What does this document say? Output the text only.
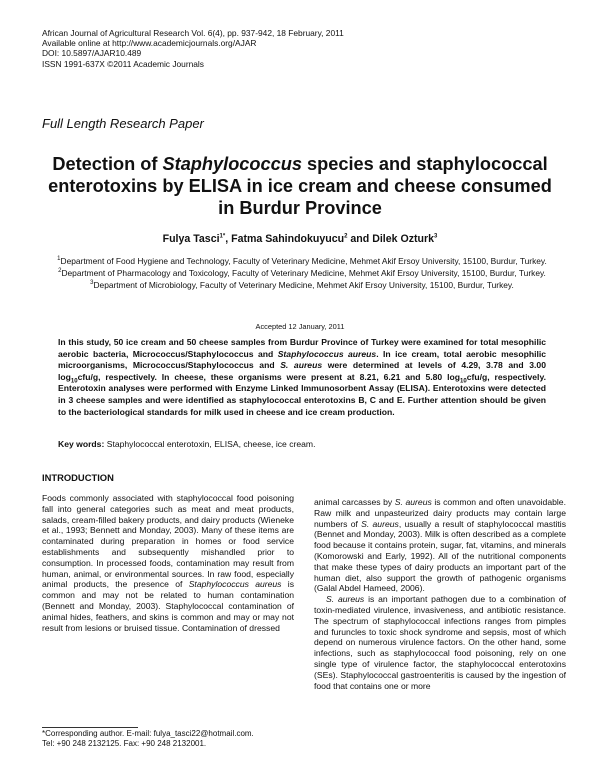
African Journal of Agricultural Research Vol. 6(4), pp. 937-942, 18 February, 2011
Available online at http://www.academicjournals.org/AJAR
DOI: 10.5897/AJAR10.489
ISSN 1991-637X ©2011 Academic Journals
Full Length Research Paper
Detection of Staphylococcus species and staphylococcal enterotoxins by ELISA in ice cream and cheese consumed in Burdur Province
Fulya Tasci$^{1*}$, Fatma Sahindokuyucu$^2$ and Dilek Ozturk$^3$

$^1$Department of Food Hygiene and Technology, Faculty of Veterinary Medicine, Mehmet Akif Ersoy University, 15100, Burdur, Turkey.

$^2$Department of Pharmacology and Toxicology, Faculty of Veterinary Medicine, Mehmet Akif Ersoy University, 15100, Burdur, Turkey.

$^3$Department of Microbiology, Faculty of Veterinary Medicine, Mehmet Akif Ersoy University, 15100, Burdur, Turkey.

Accepted 12 January, 2011
In this study, 50 ice cream and 50 cheese samples from Burdur Province of Turkey were examined for total mesophilic aerobic bacteria, Micrococcus/Staphylococcus and Staphylococcus aureus. In ice cream, total aerobic mesophilic microorganisms, Micrococcus/Staphylococcus and S. aureus were determined at levels of 4.29, 3.78 and 3.00 $\log_{10}cfu/g$, respectively. In cheese, these organisms were present at 8.21, 6.21 and 5.80 $\log_{10}cfu/g$, respectively. Enterotoxin analyses were performed with Enzyme Linked Immunosorbent Assay (ELISA). Enterotoxins were detected in 3 cheese samples and were identified as staphylococcal enterotoxins B, C and E. Further attention should be given to the bacteriological standards for milk used in cheese and ice cream production.
Key words: Staphylococcal enterotoxin, ELISA, cheese, ice cream.
INTRODUCTION

Foods commonly associated with staphylococcal food poisoning fall into general categories such as meat and meat products, salads, cream-filled bakery products, and dairy products (Wieneke et al., 1993; Bennett and Monday, 2003). Many of these items are contaminated during preparation in homes or food service establishments and subsequently mishandled prior to consumption. In processed foods, contamination may result from human, animal, or environmental sources. In raw food, especially animal products, the presence of Staphylococcus aureus is common and may not be related to human contamination (Bennett and Monday, 2003). Staphylococcal contamination of animal hides, feathers, and skins is common and may or may not result from lesions or bruised tissue. Contamination of dressed

animal carcasses by S. aureus is common and often unavoidable. Raw milk and unpasteurized dairy products may contain large numbers of S. aureus, usually a result of staphylococcal mastitis (Bennet and Monday, 2003). Milk is often described as a complete food because it contains protein, sugar, fat, vitamins, and minerals (Komorowski and Early, 1992). All of the nutritional components that make these types of dairy products an important part of the human diet, also support the growth of pathogenic organisms (Galal Abdel Hameed, 2006).

S. aureus is an important pathogen due to a combination of toxin-mediated virulence, invasiveness, and antibiotic resistance. The spectrum of staphylococcal infections ranges from pimples and furuncles to toxic shock syndrome and sepsis, most of which depend on numerous virulence factors. On the other hand, some infections, such as staphylococcal food poisoning, rely on one single type of virulence factor, the staphylococcal enterotoxins (SEs). Staphylococcal gastroenteritis is caused by the ingestion of food that contains one or more

*Corresponding author. E-mail: fulya_tasci22@hotmail.com.
Tel: +90 248 2132125. Fax: +90 248 2132001.
